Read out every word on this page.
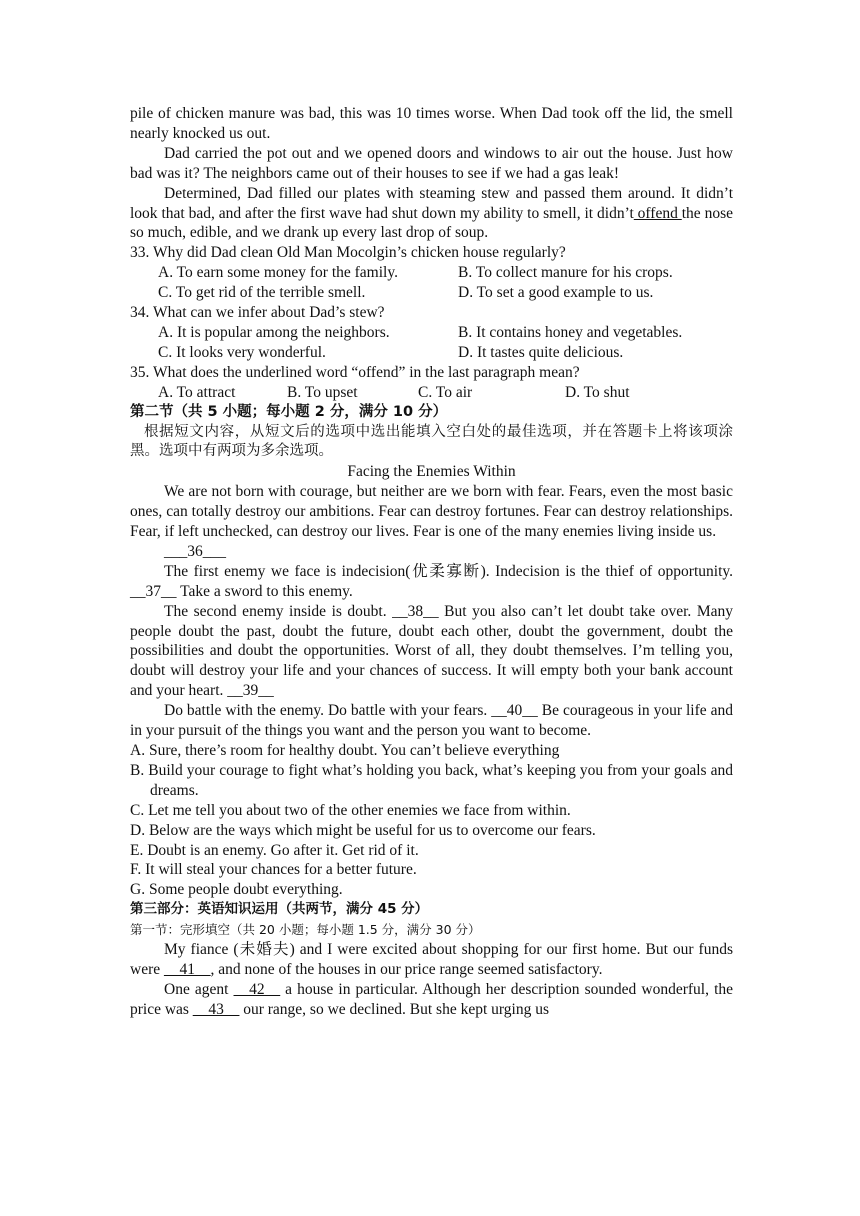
pile of chicken manure was bad, this was 10 times worse. When Dad took off the lid, the smell nearly knocked us out.

Dad carried the pot out and we opened doors and windows to air out the house. Just how bad was it? The neighbors came out of their houses to see if we had a gas leak!

Determined, Dad filled our plates with steaming stew and passed them around. It didn’t look that bad, and after the first wave had shut down my ability to smell, it didn’t offend the nose so much, edible, and we drank up every last drop of soup.

33. Why did Dad clean Old Man Mocolgin’s chicken house regularly?

A. To earn some money for the family.	B. To collect manure for his crops.
C. To get rid of the terrible smell.	D. To set a good example to us.

34. What can we infer about Dad’s stew?

A. It is popular among the neighbors.	B. It contains honey and vegetables.
C. It looks very wonderful.	D. It tastes quite delicious.

35. What does the underlined word “offend” in the last paragraph mean?

A. To attract	B. To upset	C. To air	D. To shut

第二节（共 5 小题；每小题 2 分，满分 10 分）

根据短文内容，从短文后的选项中选出能填入空白处的最佳选项，并在答题卡上将该项涂黑。选项中有两项为多余选项。

Facing the Enemies Within

We are not born with courage, but neither are we born with fear. Fears, even the most basic ones, can totally destroy our ambitions. Fear can destroy fortunes. Fear can destroy relationships. Fear, if left unchecked, can destroy our lives. Fear is one of the many enemies living inside us.

___36___

The first enemy we face is indecision(优柔寡断). Indecision is the thief of opportunity. __37__ Take a sword to this enemy.

The second enemy inside is doubt. __38__ But you also can’t let doubt take over. Many people doubt the past, doubt the future, doubt each other, doubt the government, doubt the possibilities and doubt the opportunities. Worst of all, they doubt themselves. I’m telling you, doubt will destroy your life and your chances of success. It will empty both your bank account and your heart. __39__

Do battle with the enemy. Do battle with your fears. __40__ Be courageous in your life and in your pursuit of the things you want and the person you want to become.

A. Sure, there’s room for healthy doubt. You can’t believe everything

B. Build your courage to fight what’s holding you back, what’s keeping you from your goals and dreams.

C. Let me tell you about two of the other enemies we face from within.

D. Below are the ways which might be useful for us to overcome our fears.

E. Doubt is an enemy. Go after it. Get rid of it.

F. It will steal your chances for a better future.

G. Some people doubt everything.

第三部分：英语知识运用（共两节，满分 45 分）

第一节：完形填空（共 20 小题；每小题 1.5 分，满分 30 分）

My fiance (未婚夫) and I were excited about shopping for our first home. But our funds were __41__, and none of the houses in our price range seemed satisfactory.

One agent __42__ a house in particular. Although her description sounded wonderful, the price was __43__ our range, so we declined. But she kept urging us
